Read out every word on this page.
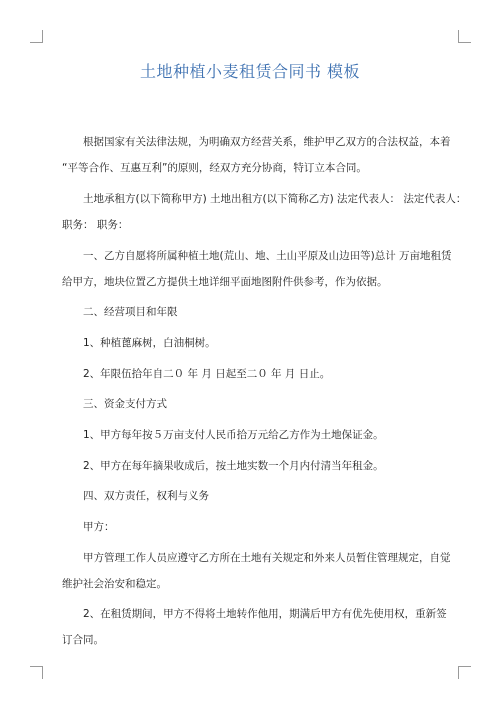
土地种植小麦租赁合同书 模板
根据国家有关法律法规，为明确双方经营关系，维护甲乙双方的合法权益，本着
“平等合作、互惠互利”的原则，经双方充分协商，特订立本合同。
土地承租方(以下简称甲方) 土地出租方(以下简称乙方) 法定代表人： 法定代表人：
职务： 职务：
一、乙方自愿将所属种植土地(荒山、地、土山平原及山边田等)总计 万亩地租赁
给甲方，地块位置乙方提供土地详细平面地图附件供参考，作为依据。
二、经营项目和年限
1、种植蓖麻树，白油桐树。
2、年限伍拾年自二０ 年 月 日起至二０ 年 月 日止。
三、资金支付方式
1、甲方每年按５万亩支付人民币拾万元给乙方作为土地保证金。
2、甲方在每年摘果收成后，按土地实数一个月内付清当年租金。
四、双方责任，权利与义务
甲方：
甲方管理工作人员应遵守乙方所在土地有关规定和外来人员暂住管理规定，自觉
维护社会治安和稳定。
2、在租赁期间，甲方不得将土地转作他用，期满后甲方有优先使用权，重新签
订合同。
